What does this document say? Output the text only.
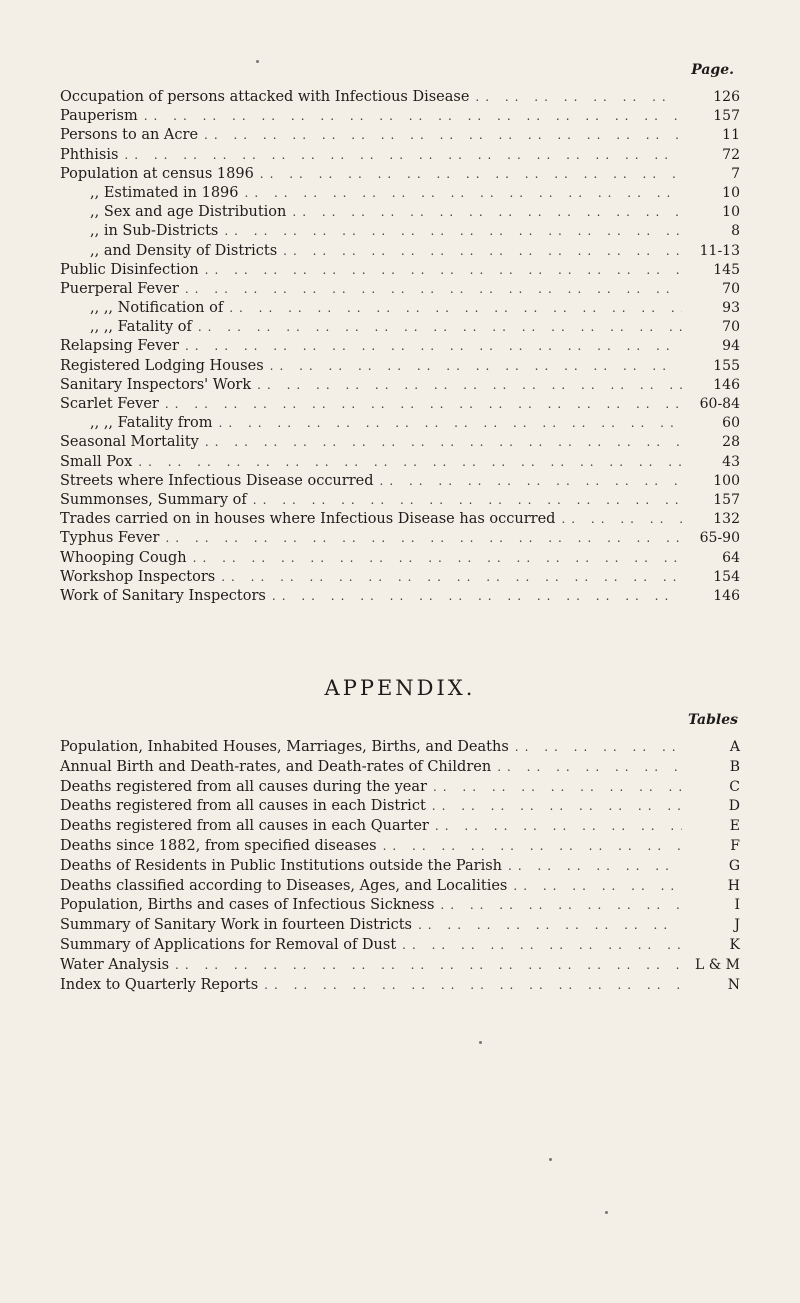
Page.
Occupation of persons attacked with Infectious Disease .. ..	126
Pauperism .. ..	157
Persons to an Acre .. ..	11
Phthisis .. ..	72
Population at census 1896 .. ..	7
,, Estimated in 1896 .. ..	10
,, Sex and age Distribution .. ..	10
,, in Sub-Districts .. ..	8
,, and Density of Districts .. ..	11-13
Public Disinfection .. ..	145
Puerperal Fever .. ..	70
,, ,, Notification of .. ..	93
,, ,, Fatality of .. ..	70
Relapsing Fever .. ..	94
Registered Lodging Houses .. ..	155
Sanitary Inspectors' Work .. ..	146
Scarlet Fever .. ..	60-84
,, ,, Fatality from .. ..	60
Seasonal Mortality .. ..	28
Small Pox .. ..	43
Streets where Infectious Disease occurred .. ..	100
Summonses, Summary of .. ..	157
Trades carried on in houses where Infectious Disease has occurred .. ..	132
Typhus Fever .. ..	65-90
Whooping Cough .. ..	64
Workshop Inspectors .. ..	154
Work of Sanitary Inspectors .. ..	146
APPENDIX.
Tables
Population, Inhabited Houses, Marriages, Births, and Deaths .. ..	A
Annual Birth and Death-rates, and Death-rates of Children .. ..	B
Deaths registered from all causes during the year .. ..	C
Deaths registered from all causes in each District .. ..	D
Deaths registered from all causes in each Quarter .. ..	E
Deaths since 1882, from specified diseases .. ..	F
Deaths of Residents in Public Institutions outside the Parish .. ..	G
Deaths classified according to Diseases, Ages, and Localities .. ..	H
Population, Births and cases of Infectious Sickness .. ..	I
Summary of Sanitary Work in fourteen Districts .. ..	J
Summary of Applications for Removal of Dust .. ..	K
Water Analysis .. ..	L & M
Index to Quarterly Reports .. ..	N
